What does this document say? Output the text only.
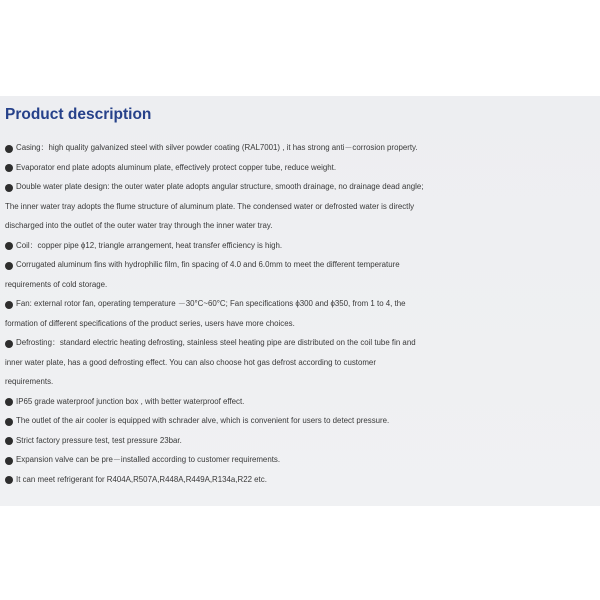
Product description
Casing：high quality galvanized steel with silver powder coating (RAL7001) , it has strong anti－corrosion property.
Evaporator end plate adopts aluminum plate, effectively protect copper tube, reduce weight.
Double water plate design: the outer water plate adopts angular structure, smooth drainage, no drainage dead angle;
The inner water tray adopts the flume structure of aluminum plate. The condensed water or defrosted water is directly
discharged into the outlet of the outer water tray through the inner water tray.
Coil：copper pipe ϕ12, triangle arrangement, heat transfer efficiency is high.
Corrugated aluminum fins with hydrophilic film, fin spacing of 4.0 and 6.0mm to meet the different temperature
requirements of cold storage.
Fan: external rotor fan, operating temperature －30°C~60°C; Fan specifications ϕ300 and ϕ350, from 1 to 4, the
formation of different specifications of the product series, users have more choices.
Defrosting：standard electric heating defrosting, stainless steel heating pipe are distributed on the coil tube fin and
inner water plate, has a good defrosting effect. You can also choose hot gas defrost according to customer
requirements.
IP65 grade waterproof junction box , with better waterproof effect.
The outlet of the air cooler is equipped with schrader alve, which is convenient for users to detect pressure.
Strict factory pressure test, test pressure 23bar.
Expansion valve can be pre－installed according to customer requirements.
It can meet refrigerant for R404A,R507A,R448A,R449A,R134a,R22 etc.
